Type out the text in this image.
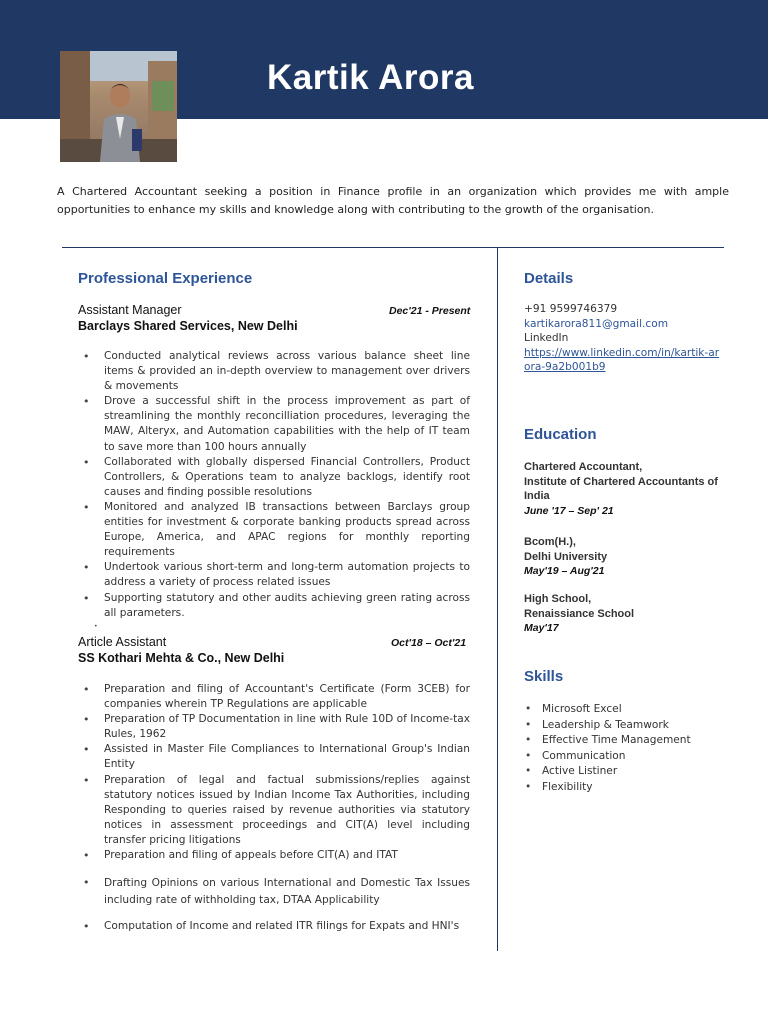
Kartik Arora
A Chartered Accountant seeking a position in Finance profile in an organization which provides me with ample opportunities to enhance my skills and knowledge along with contributing to the growth of the organisation.
Professional Experience
Assistant Manager	Dec'21 - Present
Barclays Shared Services, New Delhi
• Conducted analytical reviews across various balance sheet line items & provided an in-depth overview to management over drivers & movements
• Drove a successful shift in the process improvement as part of streamlining the monthly reconcilliation procedures, leveraging the MAW, Alteryx, and Automation capabilities with the help of IT team to save more than 100 hours annually
• Collaborated with globally dispersed Financial Controllers, Product Controllers, & Operations team to analyze backlogs, identify root causes and finding possible resolutions
• Monitored and analyzed IB transactions between Barclays group entities for investment & corporate banking products spread across Europe, America, and APAC regions for monthly reporting requirements
• Undertook various short-term and long-term automation projects to address a variety of process related issues
• Supporting statutory and other audits achieving green rating across all parameters.
•
Article Assistant	Oct'18 – Oct'21
SS Kothari Mehta & Co., New Delhi
• Preparation and filing of Accountant's Certificate (Form 3CEB) for companies wherein TP Regulations are applicable
• Preparation of TP Documentation in line with Rule 10D of Income-tax Rules, 1962
• Assisted in Master File Compliances to International Group's Indian Entity
• Preparation of legal and factual submissions/replies against statutory notices issued by Indian Income Tax Authorities, including Responding to queries raised by revenue authorities via statutory notices in assessment proceedings and CIT(A) level including transfer pricing litigations
• Preparation and filing of appeals before CIT(A) and ITAT
• Drafting Opinions on various International and Domestic Tax Issues including rate of withholding tax, DTAA Applicability
• Computation of Income and related ITR filings for Expats and HNI's
Details
+91 9599746379
kartikarora811@gmail.com
LinkedIn
https://www.linkedin.com/in/kartik-arora-9a2b001b9
Education
Chartered Accountant,
Institute of Chartered Accountants of India
June '17 – Sep' 21
Bcom(H.),
Delhi University
May'19 – Aug'21
High School,
Renaissiance School
May'17
Skills
• Microsoft Excel
• Leadership & Teamwork
• Effective Time Management
• Communication
• Active Listiner
• Flexibility
